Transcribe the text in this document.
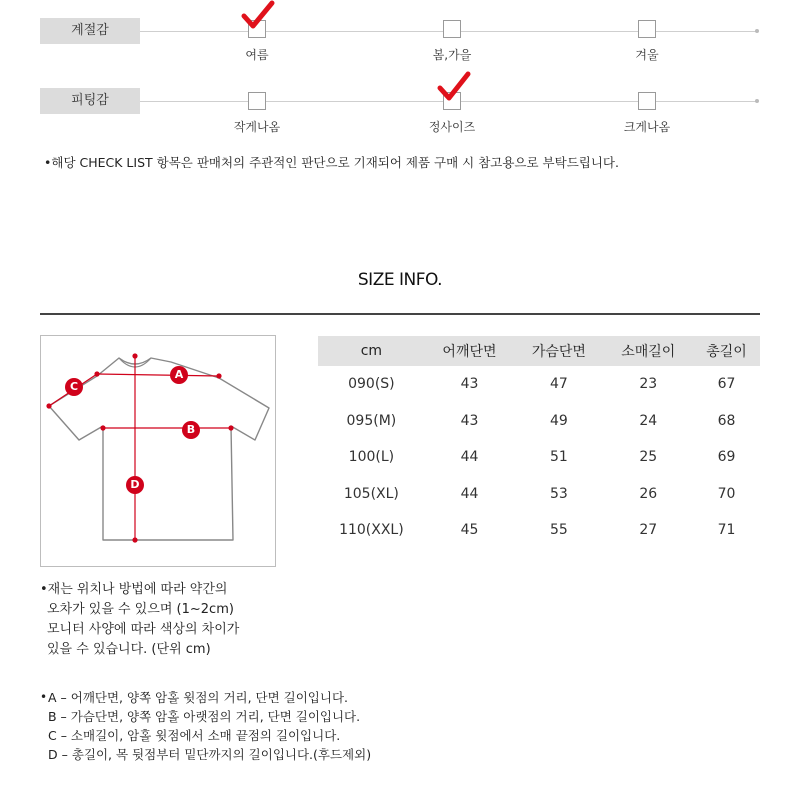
계절감
여름	봄,가을	겨울
피팅감
작게나옴	정사이즈	크게나옴
•해당 CHECK LIST 항목은 판매처의 주관적인 판단으로 기재되어 제품 구매 시 참고용으로 부탁드립니다.
SIZE INFO.
A
B
C
D
cm	어깨단면	가슴단면	소매길이	총길이
090(S)	43	47	23	67
095(M)	43	49	24	68
100(L)	44	51	25	69
105(XL)	44	53	26	70
110(XXL)	45	55	27	71
•재는 위치나 방법에 따라 약간의
오차가 있을 수 있으며 (1~2cm)
모니터 사양에 따라 색상의 차이가
있을 수 있습니다. (단위 cm)
• A – 어깨단면, 양쪽 암홀 윗점의 거리, 단면 길이입니다.
B – 가슴단면, 양쪽 암홀 아랫점의 거리, 단면 길이입니다.
C – 소매길이, 암홀 윗점에서 소매 끝점의 길이입니다.
D – 총길이, 목 뒷점부터 밑단까지의 길이입니다.(후드제외)
